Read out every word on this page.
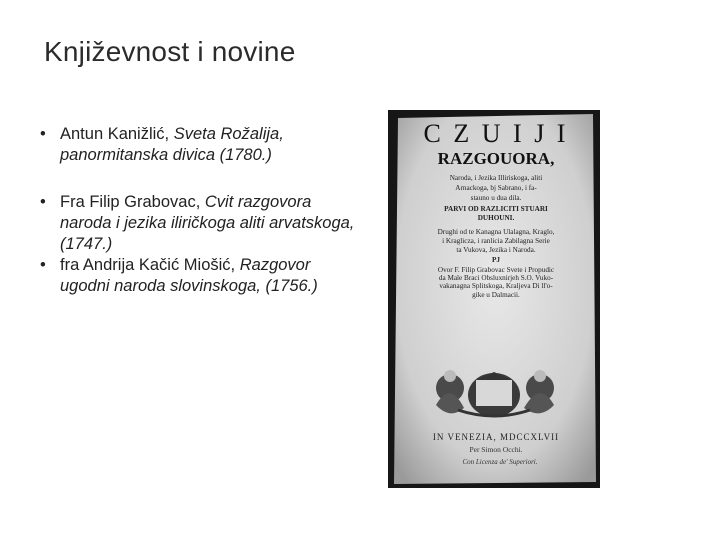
Književnost i novine
• Antun Kanižlić, Sveta Rožalija, panormitanska divica (1780.)
• Fra Filip Grabovac, Cvit razgovora naroda i jezika iliričkoga aliti arvatskoga, (1747.)
• fra Andrija Kačić Miošić, Razgovor ugodni naroda slovinskoga, (1756.)
C Z U I J I
RAZGOUORA,
Naroda, i Jezika Illiriskoga, aliti
Arnackoga, bj Sabrano, i fa-
stauno u dua dila.
PARVI OD RAZLICITI STUARI
DUHOUNI.
Drughi od te Kanagna Ulalagna, Kraglo,
i Kraglicza, i ranlicia Zabilagna Serie
ta Vukova, Jezika i Naroda.
PJ
Ovor F. Filip Grabovac Svete i Propudic
da Male Braci Obsluxnirjeh S.O. Vuko-
vakanagna Splitskoga, Kraljeva Di ll'o-
gike u Dalmacii.
IN VENEZIA, MDCCXLVII
Per Simon Occhi.
Con Licenza de' Superiori.
